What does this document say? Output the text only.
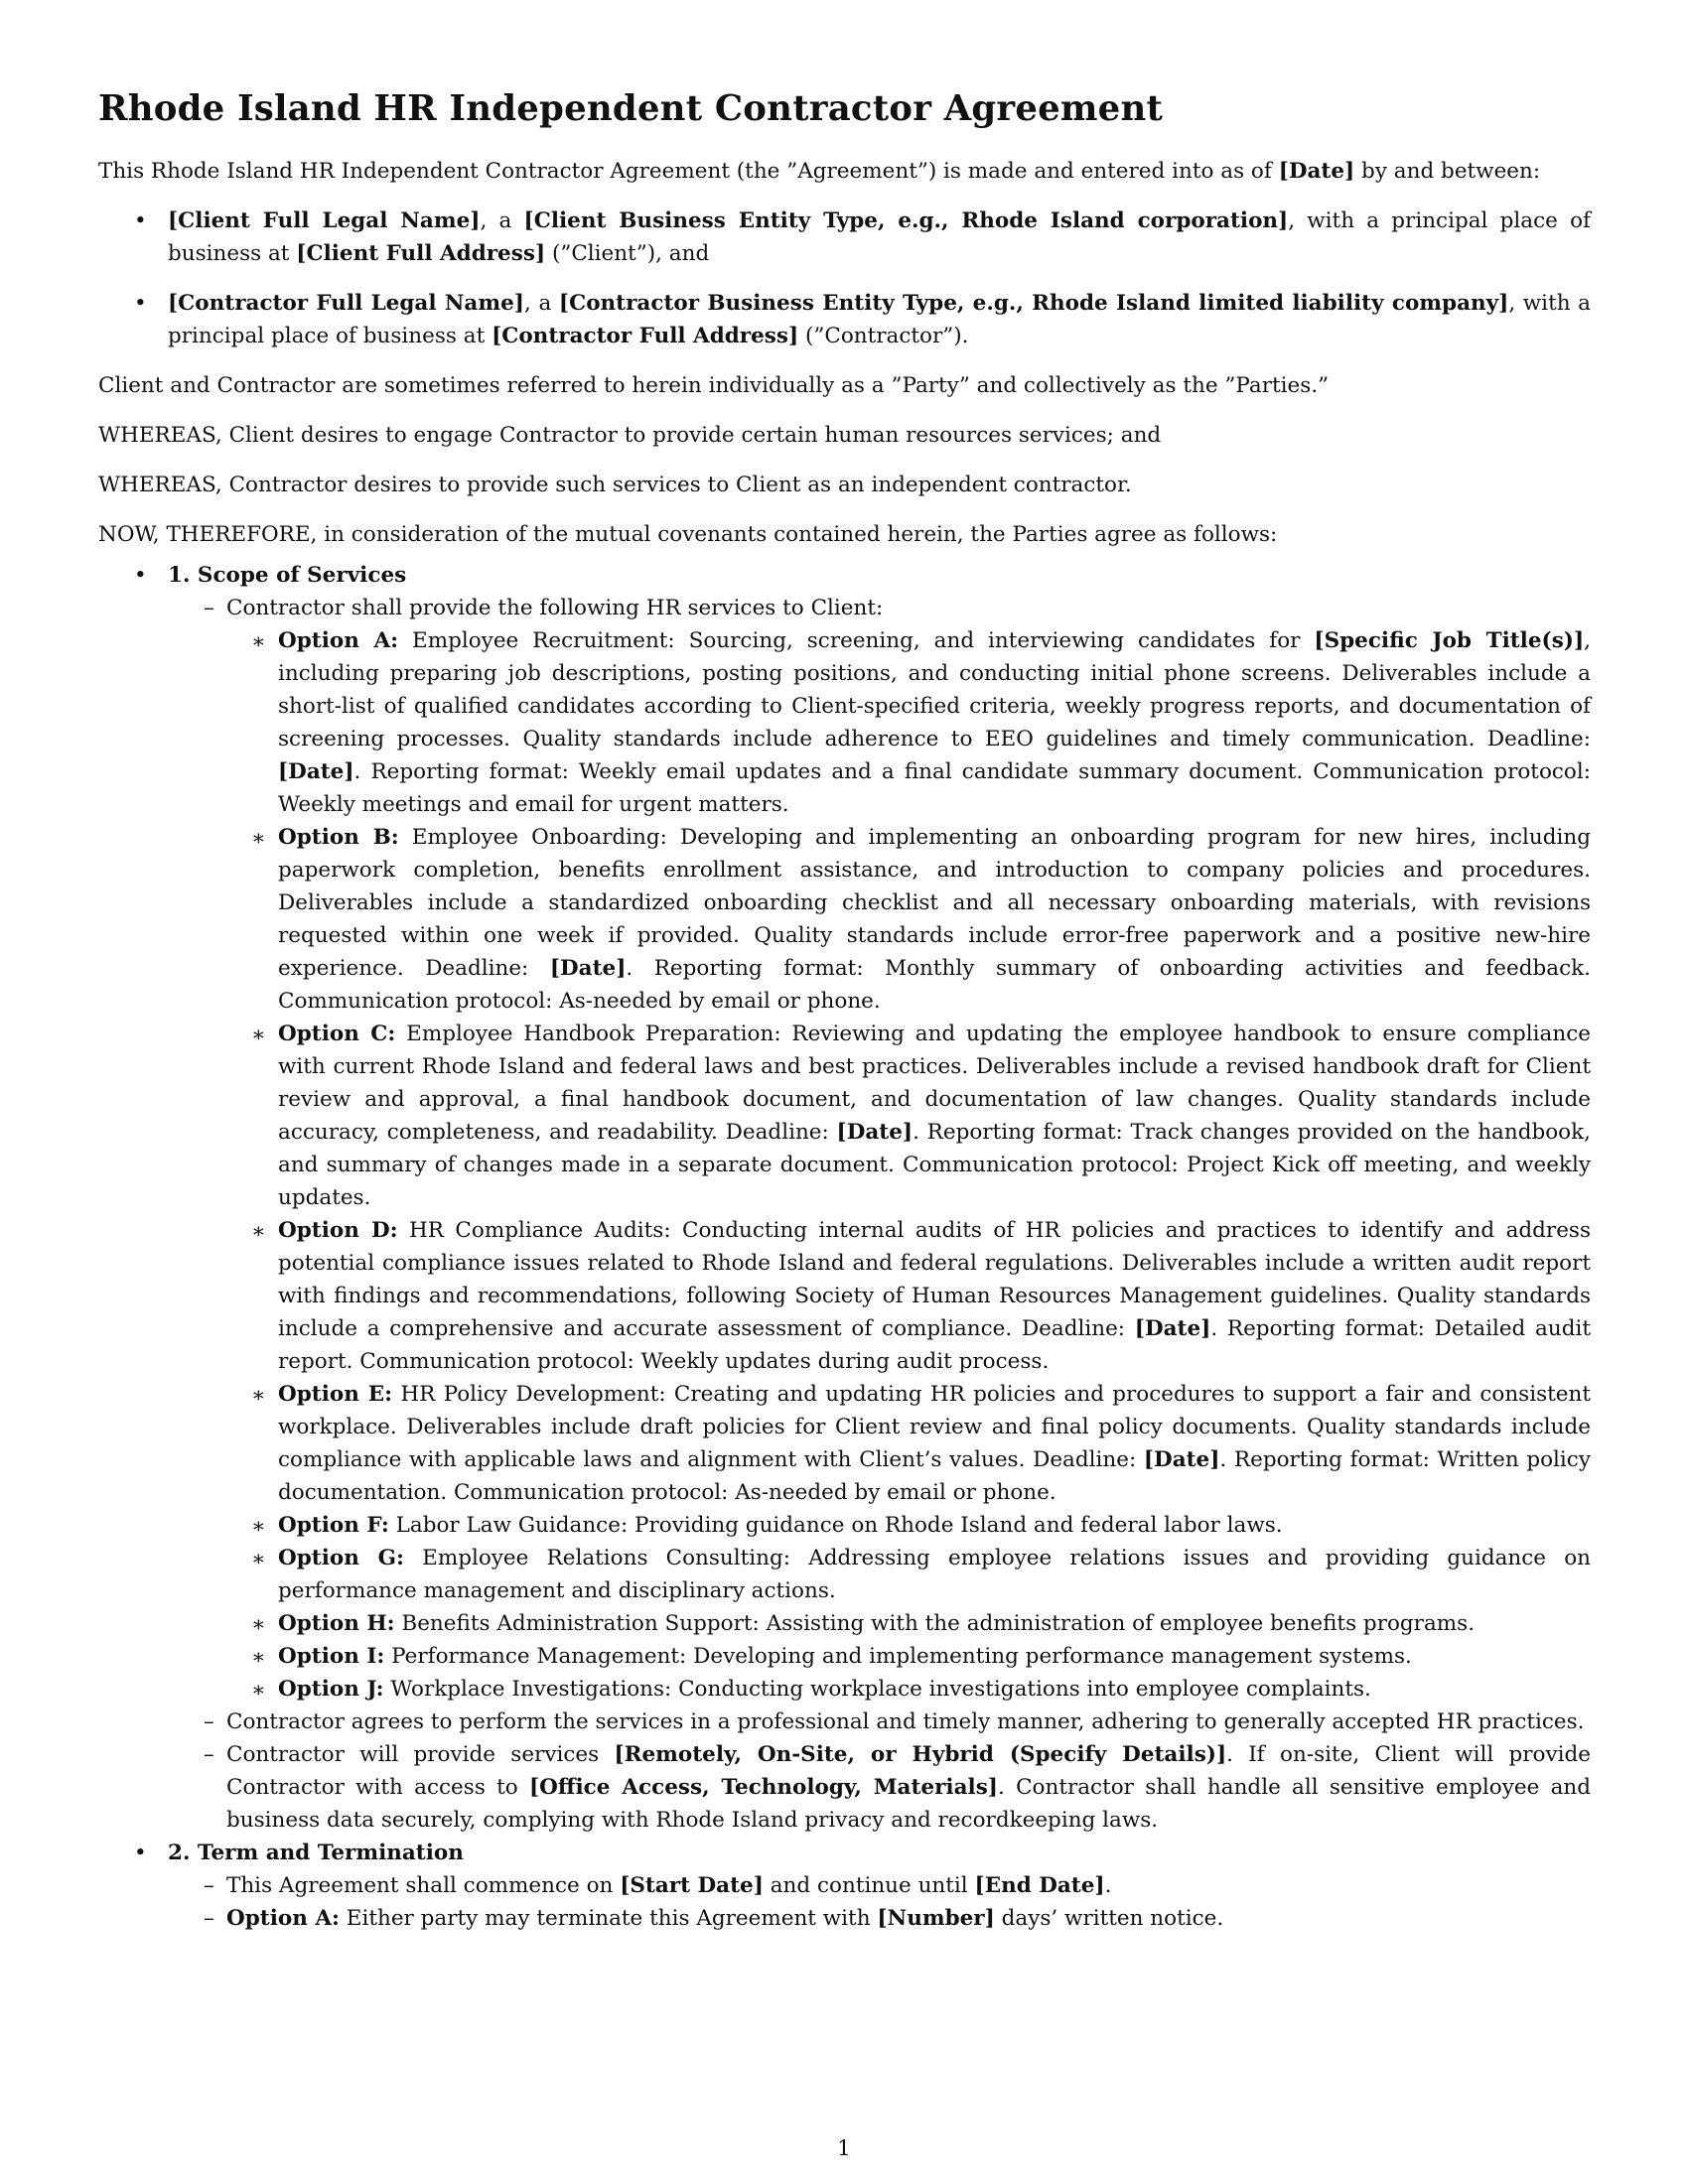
Rhode Island HR Independent Contractor Agreement

This Rhode Island HR Independent Contractor Agreement (the ”Agreement”) is made and entered into as of [Date] by and between:

• [Client Full Legal Name], a [Client Business Entity Type, e.g., Rhode Island corporation], with a principal place of business at [Client Full Address] (”Client”), and
• [Contractor Full Legal Name], a [Contractor Business Entity Type, e.g., Rhode Island limited liability company], with a principal place of business at [Contractor Full Address] (”Contractor”).

Client and Contractor are sometimes referred to herein individually as a ”Party” and collectively as the ”Parties.”

WHEREAS, Client desires to engage Contractor to provide certain human resources services; and

WHEREAS, Contractor desires to provide such services to Client as an independent contractor.

NOW, THEREFORE, in consideration of the mutual covenants contained herein, the Parties agree as follows:

• 1. Scope of Services
– Contractor shall provide the following HR services to Client:
∗ Option A: Employee Recruitment: Sourcing, screening, and interviewing candidates for [Specific Job Title(s)], including preparing job descriptions, posting positions, and conducting initial phone screens. Deliverables include a short-list of qualified candidates according to Client-specified criteria, weekly progress reports, and documentation of screening processes. Quality standards include adherence to EEO guidelines and timely communication. Deadline: [Date]. Reporting format: Weekly email updates and a final candidate summary document. Communication protocol: Weekly meetings and email for urgent matters.
∗ Option B: Employee Onboarding: Developing and implementing an onboarding program for new hires, including paperwork completion, benefits enrollment assistance, and introduction to company policies and procedures. Deliverables include a standardized onboarding checklist and all necessary onboarding materials, with revisions requested within one week if provided. Quality standards include error-free paperwork and a positive new-hire experience. Deadline: [Date]. Reporting format: Monthly summary of onboarding activities and feedback. Communication protocol: As-needed by email or phone.
∗ Option C: Employee Handbook Preparation: Reviewing and updating the employee handbook to ensure compliance with current Rhode Island and federal laws and best practices. Deliverables include a revised handbook draft for Client review and approval, a final handbook document, and documentation of law changes. Quality standards include accuracy, completeness, and readability. Deadline: [Date]. Reporting format: Track changes provided on the handbook, and summary of changes made in a separate document. Communication protocol: Project Kick off meeting, and weekly updates.
∗ Option D: HR Compliance Audits: Conducting internal audits of HR policies and practices to identify and address potential compliance issues related to Rhode Island and federal regulations. Deliverables include a written audit report with findings and recommendations, following Society of Human Resources Management guidelines. Quality standards include a comprehensive and accurate assessment of compliance. Deadline: [Date]. Reporting format: Detailed audit report. Communication protocol: Weekly updates during audit process.
∗ Option E: HR Policy Development: Creating and updating HR policies and procedures to support a fair and consistent workplace. Deliverables include draft policies for Client review and final policy documents. Quality standards include compliance with applicable laws and alignment with Client’s values. Deadline: [Date]. Reporting format: Written policy documentation. Communication protocol: As-needed by email or phone.
∗ Option F: Labor Law Guidance: Providing guidance on Rhode Island and federal labor laws.
∗ Option G: Employee Relations Consulting: Addressing employee relations issues and providing guidance on performance management and disciplinary actions.
∗ Option H: Benefits Administration Support: Assisting with the administration of employee benefits programs.
∗ Option I: Performance Management: Developing and implementing performance management systems.
∗ Option J: Workplace Investigations: Conducting workplace investigations into employee complaints.
– Contractor agrees to perform the services in a professional and timely manner, adhering to generally accepted HR practices.
– Contractor will provide services [Remotely, On-Site, or Hybrid (Specify Details)]. If on-site, Client will provide Contractor with access to [Office Access, Technology, Materials]. Contractor shall handle all sensitive employee and business data securely, complying with Rhode Island privacy and recordkeeping laws.
• 2. Term and Termination
– This Agreement shall commence on [Start Date] and continue until [End Date].
– Option A: Either party may terminate this Agreement with [Number] days’ written notice.
1
